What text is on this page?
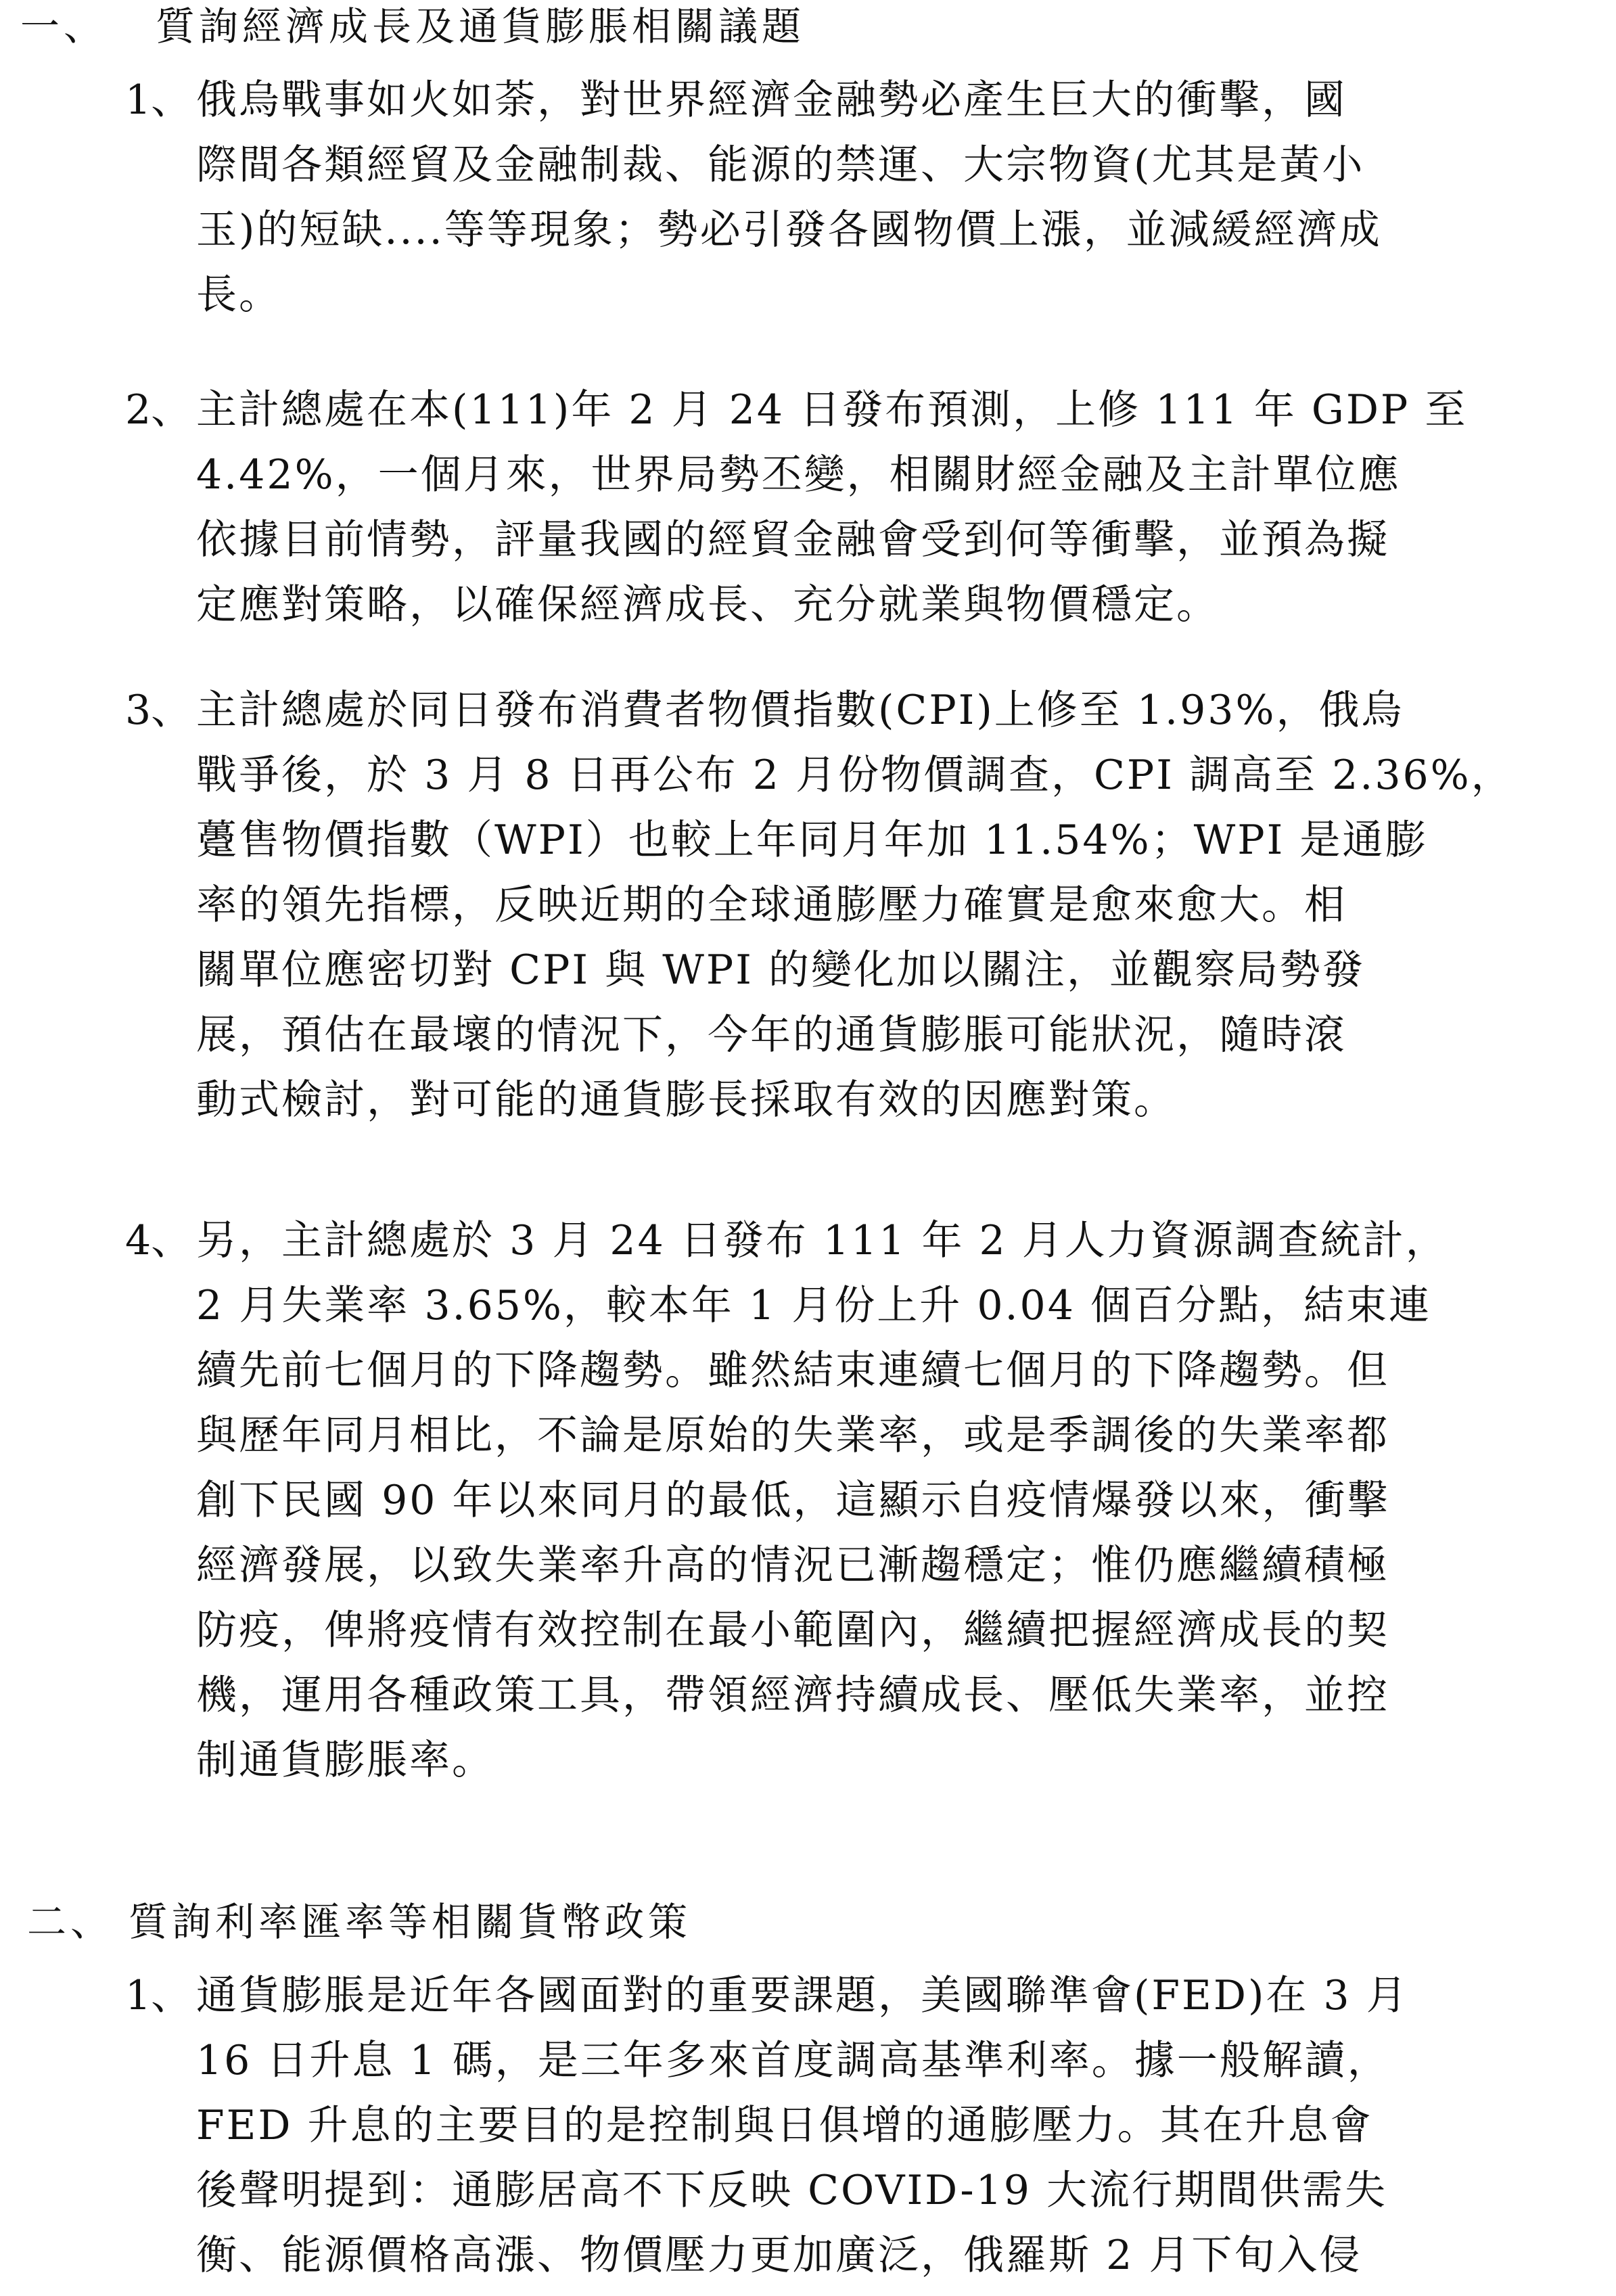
一、 質詢經濟成長及通貨膨脹相關議題
1、 俄烏戰事如火如荼，對世界經濟金融勢必產生巨大的衝擊，國
際間各類經貿及金融制裁、能源的禁運、大宗物資(尤其是黃小
玉)的短缺....等等現象；勢必引發各國物價上漲，並減緩經濟成
長。
2、 主計總處在本(111)年 2 月 24 日發布預測，上修 111 年 GDP 至
4.42%，一個月來，世界局勢丕變，相關財經金融及主計單位應
依據目前情勢，評量我國的經貿金融會受到何等衝擊，並預為擬
定應對策略，以確保經濟成長、充分就業與物價穩定。
3、 主計總處於同日發布消費者物價指數(CPI)上修至 1.93%，俄烏
戰爭後，於 3 月 8 日再公布 2 月份物價調查，CPI 調高至 2.36%，
躉售物價指數（WPI）也較上年同月年加 11.54%；WPI 是通膨
率的領先指標，反映近期的全球通膨壓力確實是愈來愈大。相
關單位應密切對 CPI 與 WPI 的變化加以關注，並觀察局勢發
展，預估在最壞的情況下，今年的通貨膨脹可能狀況，隨時滾
動式檢討，對可能的通貨膨長採取有效的因應對策。
4、 另，主計總處於 3 月 24 日發布 111 年 2 月人力資源調查統計，
2 月失業率 3.65%，較本年 1 月份上升 0.04 個百分點，結束連
續先前七個月的下降趨勢。雖然結束連續七個月的下降趨勢。但
與歷年同月相比，不論是原始的失業率，或是季調後的失業率都
創下民國 90 年以來同月的最低，這顯示自疫情爆發以來，衝擊
經濟發展，以致失業率升高的情況已漸趨穩定；惟仍應繼續積極
防疫，俾將疫情有效控制在最小範圍內，繼續把握經濟成長的契
機，運用各種政策工具，帶領經濟持續成長、壓低失業率，並控
制通貨膨脹率。
二、 質詢利率匯率等相關貨幣政策
1、 通貨膨脹是近年各國面對的重要課題，美國聯準會(FED)在 3 月
16 日升息 1 碼，是三年多來首度調高基準利率。據一般解讀，
FED 升息的主要目的是控制與日俱增的通膨壓力。其在升息會
後聲明提到：通膨居高不下反映 COVID-19 大流行期間供需失
衡、能源價格高漲、物價壓力更加廣泛，俄羅斯 2 月下旬入侵
